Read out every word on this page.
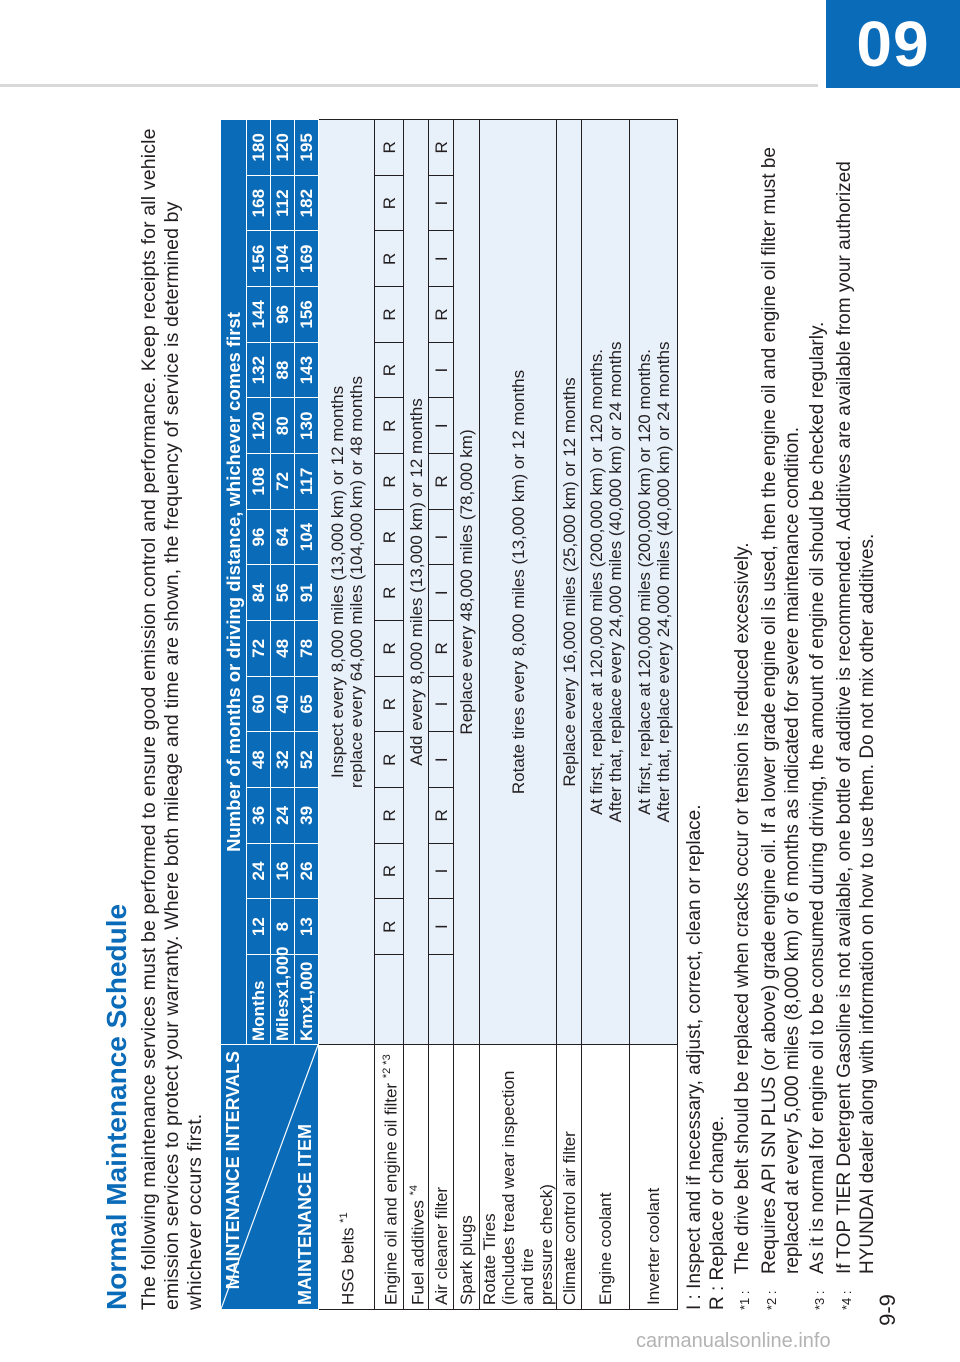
09
9-9
carmanualsonline.info
Normal Maintenance Schedule The following maintenance services must be performed to ensure good emission control and performance. Keep receipts for all vehicle emission services to protect your warranty. Where both mileage and time are shown, the frequency of service is determined by whichever occurs first. MAINTENANCE INTERVALS MAINTENANCE ITEM	Number of months or driving distance, whichever comes first															
	Months	12	24	36	48	60	72	84	96	108	120	132	144	156	168	180
	Milesx1,000	8	16	24	32	40	48	56	64	72	80	88	96	104	112	120
	Kmx1,000	13	26	39	52	65	78	91	104	117	130	143	156	169	182	195
HSG belts $^{*1}$	Inspect every 8,000 miles (13,000 km) or 12 months replace every 64,000 miles (104,000 km) or 48 months															

Engine oil and engine oil filter $^{*2 *3}$		R	R	R	R	R	R	R	R	R	R	R	R	R	R	R
Fuel additives $^{*4}$	Add every 8,000 miles (13,000 km) or 12 months															
Air cleaner filter		I	I	R	I	I	R	I	I	R	I	I	R	I	I	R
Spark plugs	Replace every 48,000 miles (78,000 km)															

Rotate Tires (includes tread wear inspection and tire pressure check)	Rotate tires every 8,000 miles (13,000 km) or 12 months															
Climate control air filter	Replace every 16,000 miles (25,000 km) or 12 months															
Engine coolant	At first, replace at 120,000 miles (200,000 km) or 120 months. After that, replace every 24,000 miles (40,000 km) or 24 months															

Inverter coolant	At first, replace at 120,000 miles (200,000 km) or 120 months. After that, replace every 24,000 miles (40,000 km) or 24 months															
I : Inspect and if necessary, adjust, correct, clean or replace. R : Replace or change. *1 :
The drive belt should be replaced when cracks occur or tension is reduced excessively.
*2 :
Requires API SN PLUS (or above) grade engine oil. If a lower grade engine oil is used, then the engine oil and engine oil filter must be replaced at every 5,000 miles (8,000 km) or 6 months as indicated for severe maintenance condition.
*3 :
As it is normal for engine oil to be consumed during driving, the amount of engine oil should be checked regularly.
*4 :
If TOP TIER Detergent Gasoline is not available, one bottle of additive is recommended. Additives are available from your authorized HYUNDAI dealer along with information on how to use them. Do not mix other additives.
